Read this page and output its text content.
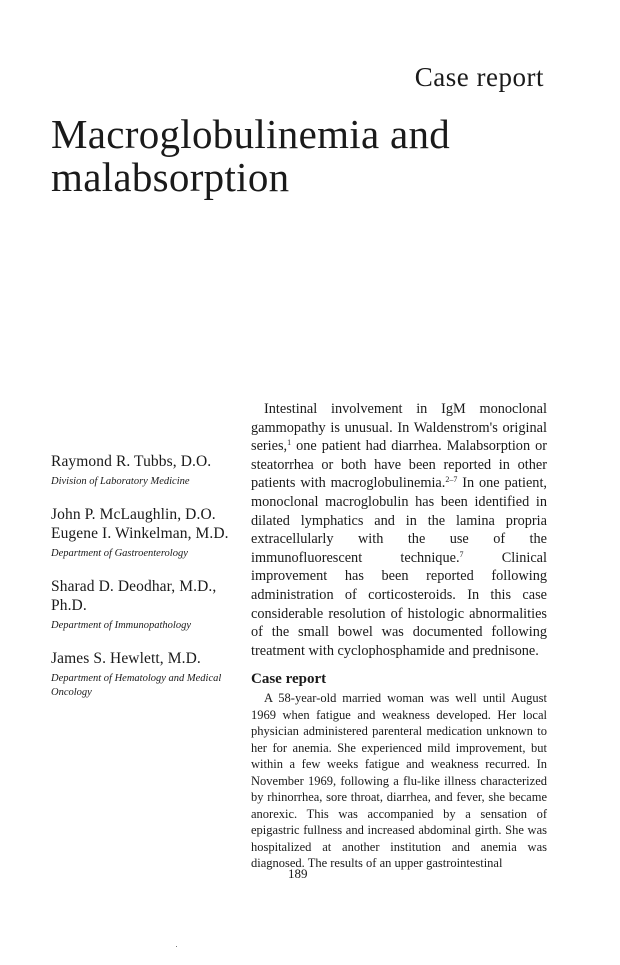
Case report
Macroglobulinemia and
malabsorption
Raymond R. Tubbs, D.O.
Division of Laboratory Medicine
John P. McLaughlin, D.O.
Eugene I. Winkelman, M.D.
Department of Gastroenterology
Sharad D. Deodhar, M.D.,
Ph.D.
Department of Immunopathology
James S. Hewlett, M.D.
Department of Hematology and Medical Oncology

Intestinal involvement in IgM monoclonal gammopathy is unusual. In Waldenstrom's original series,$^1$ one patient had diarrhea. Malabsorption or steatorrhea or both have been reported in other patients with macroglobulinemia.$^{2-7}$ In one patient, monoclonal macroglobulin has been identified in dilated lymphatics and in the lamina propria extracellularly with the use of the immunofluorescent technique.$^7$ Clinical improvement has been reported following administration of corticosteroids. In this case considerable resolution of histologic abnormalities of the small bowel was documented following treatment with cyclophosphamide and prednisone.

Case report

A 58-year-old married woman was well until August 1969 when fatigue and weakness developed. Her local physician administered parenteral medication unknown to her for anemia. She experienced mild improvement, but within a few weeks fatigue and weakness recurred. In November 1969, following a flu-like illness characterized by rhinorrhea, sore throat, diarrhea, and fever, she became anorexic. This was accompanied by a sensation of epigastric fullness and increased abdominal girth. She was hospitalized at another institution and anemia was diagnosed. The results of an upper gastrointestinal

189
